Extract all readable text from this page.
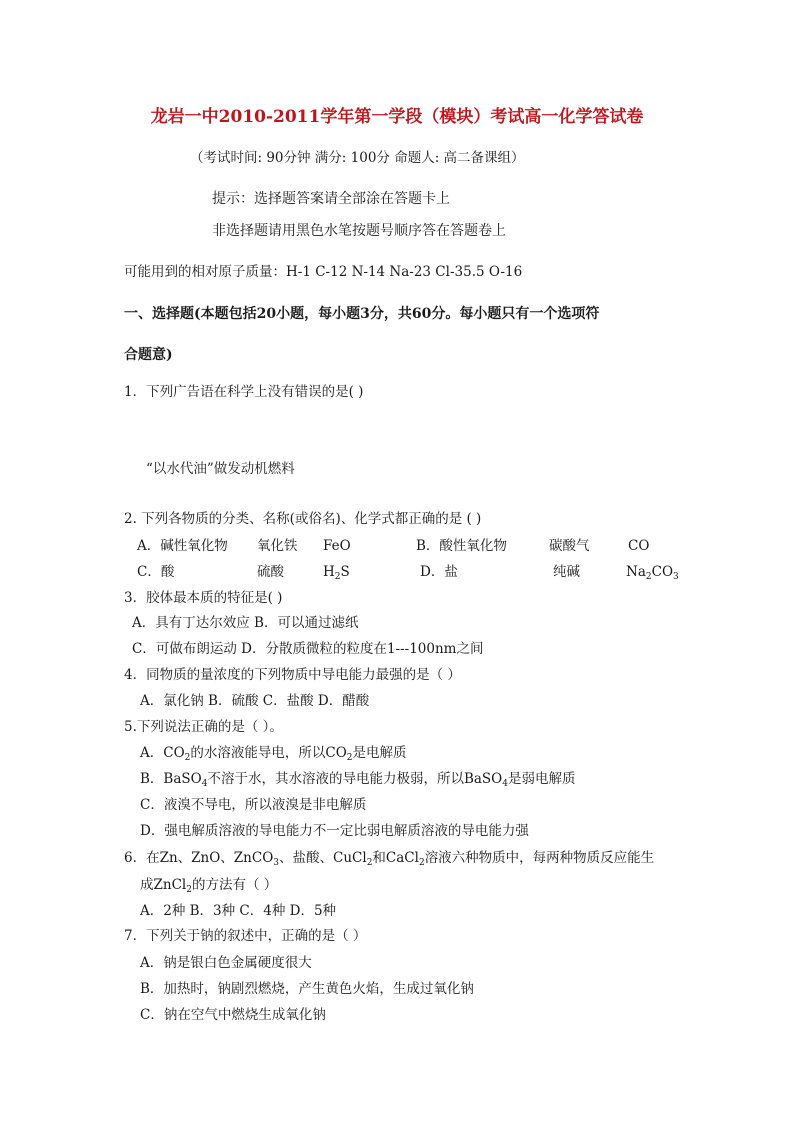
龙岩一中2010-2011学年第一学段（模块）考试高一化学答试卷
（考试时间: 90分钟 满分: 100分 命题人: 高二备课组）
提示：选择题答案请全部涂在答题卡上
非选择题请用黑色水笔按题号顺序答在答题卷上
可能用到的相对原子质量：H-1 C-12 N-14 Na-23 Cl-35.5 O-16
一、选择题(本题包括20小题，每小题3分，共60分。每小题只有一个选项符
合题意)
1．下列广告语在科学上没有错误的是( )
“以水代油”做发动机燃料
2. 下列各物质的分类、名称(或俗名)、化学式都正确的是 ( )
A．碱性氧化物 氧化铁 FeO	B．酸性氧化物	碳酸气	CO
C．酸	硫酸	$H_2S$	D．盐	纯碱	$Na_2CO_3$
3．胶体最本质的特征是( )
A．具有丁达尔效应 B．可以通过滤纸
C．可做布朗运动 D．分散质微粒的粒度在1---100nm之间
4．同物质的量浓度的下列物质中导电能力最强的是（ ）
A．氯化钠 B．硫酸 C．盐酸 D．醋酸
5.下列说法正确的是（ ）。
A．$CO_2$的水溶液能导电，所以$CO_2$是电解质
B．BaSO$_4$不溶于水，其水溶液的导电能力极弱，所以BaSO$_4$是弱电解质
C．液溴不导电，所以液溴是非电解质
D．强电解质溶液的导电能力不一定比弱电解质溶液的导电能力强
6．在Zn、ZnO、ZnCO$_3$、盐酸、CuCl$_2$和CaCl$_2$溶液六种物质中，每两种物质反应能生
成ZnCl$_2$的方法有（ ）
A．2种 B．3种 C．4种 D．5种
7．下列关于钠的叙述中，正确的是（ ）
A．钠是银白色金属硬度很大
B．加热时，钠剧烈燃烧，产生黄色火焰，生成过氧化钠
C．钠在空气中燃烧生成氧化钠
